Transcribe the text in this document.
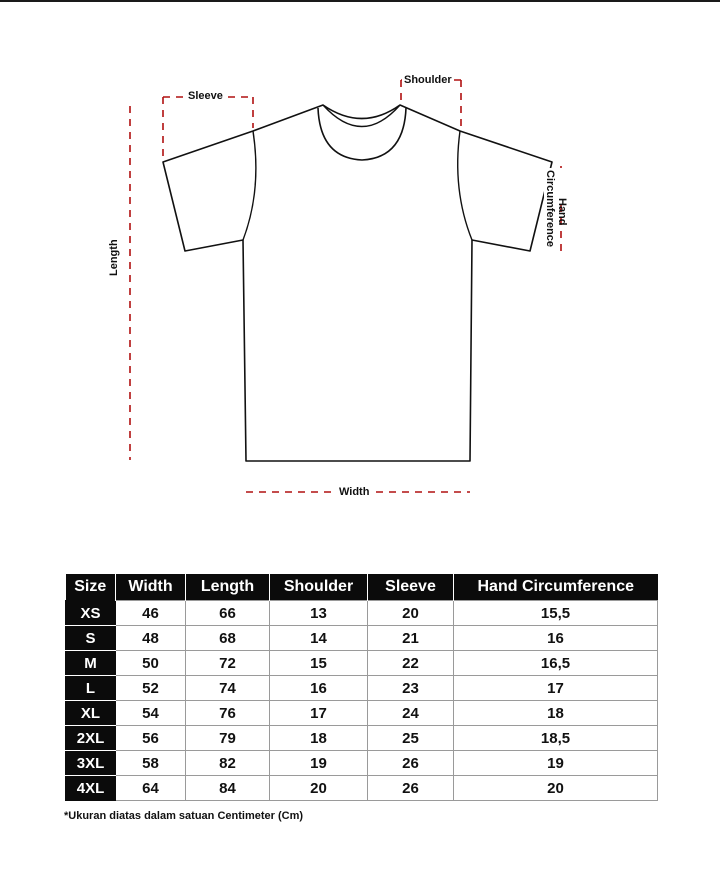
Sleeve
Shoulder
Width
Length
Hand
Circumference
Size	Width	Length	Shoulder	Sleeve	Hand Circumference
XS	46	66	13	20	15,5
S	48	68	14	21	16
M	50	72	15	22	16,5
L	52	74	16	23	17
XL	54	76	17	24	18
2XL	56	79	18	25	18,5
3XL	58	82	19	26	19
4XL	64	84	20	26	20
*Ukuran diatas dalam satuan Centimeter (Cm)
